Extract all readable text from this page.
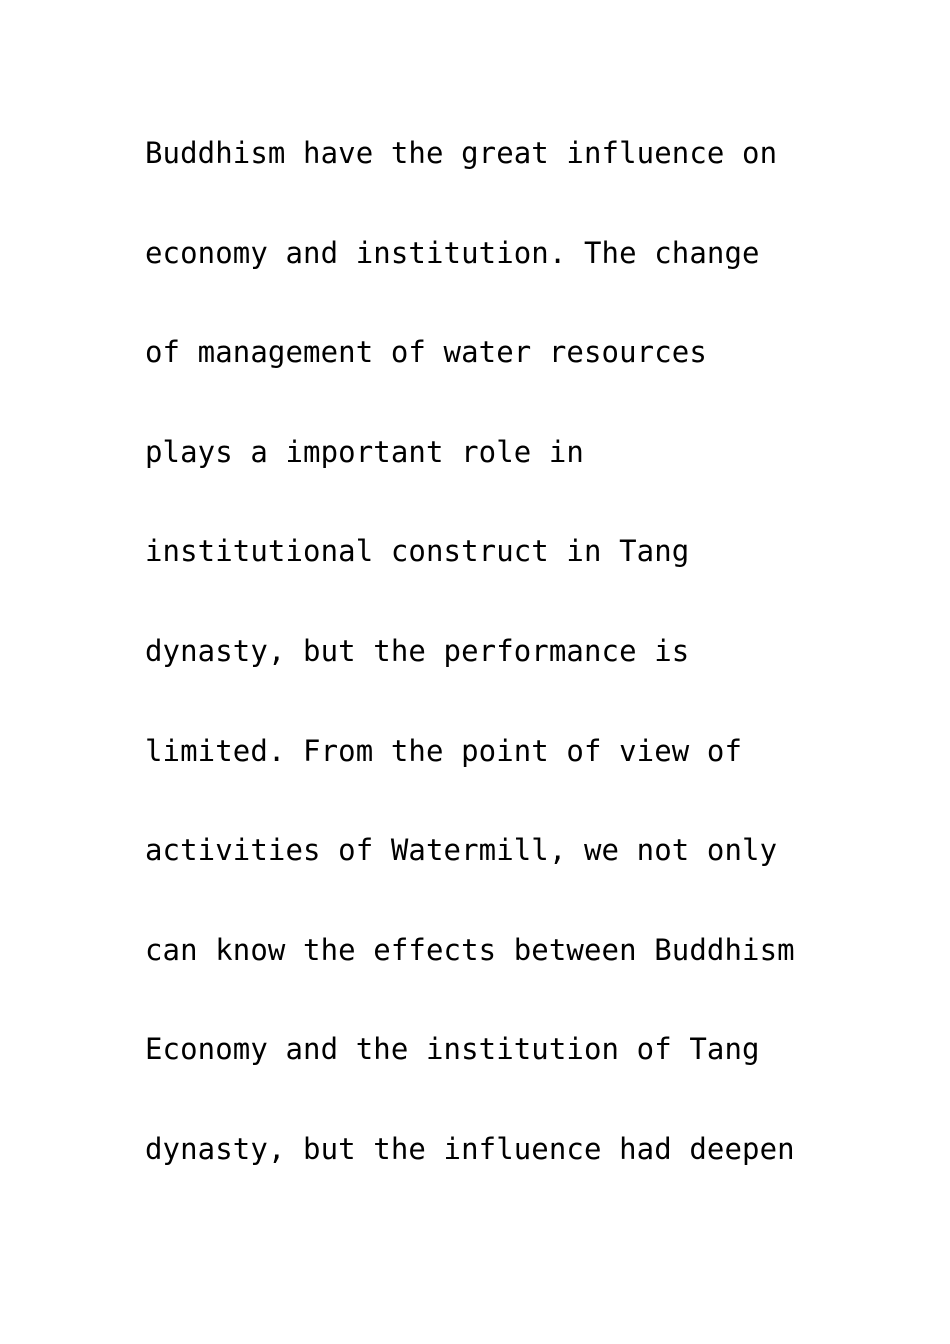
Buddhism have the great influence on
economy and institution. The change
of management of water resources
plays a important role in
institutional construct in Tang
dynasty, but the performance is
limited. From the point of view of
activities of Watermill, we not only
can know the effects between Buddhism
Economy and the institution of Tang
dynasty, but the influence had deepen
